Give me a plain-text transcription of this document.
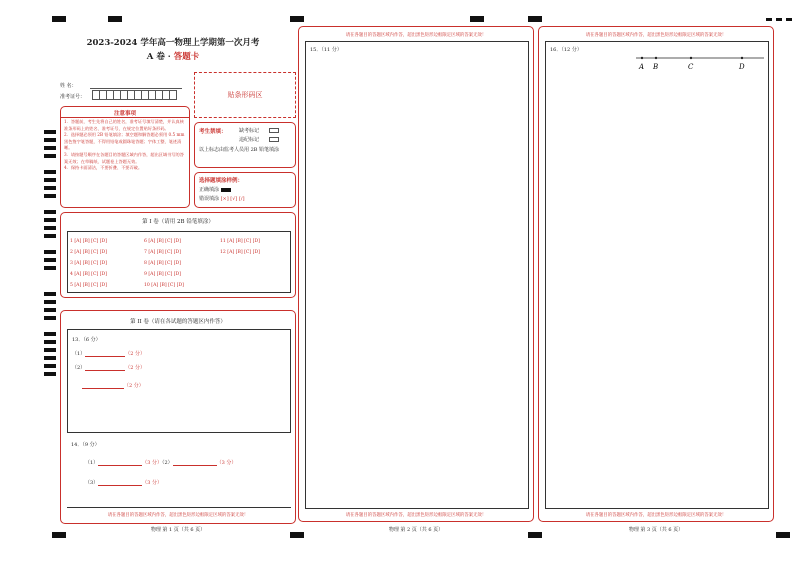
2023-2024 学年高一物理上学期第一次月考
A 卷 · 答题卡
姓 名：
准考证号：	贴条形码区
注意事项
1．答题前，考生先将自己的姓名，准考证号填写清楚，并认真核准条形码上的姓名、准考证号，在规定位置贴好条形码。
2．选择题必须用 2B 铅笔填涂；填空题和解答题必须用 0.5 mm 黑色签字笔答题，不得用铅笔或圆珠笔答题；字体工整、笔迹清晰。
3．请按题号顺序在各题目的答题区域内作答，超出区域书写的答案无效；在草稿纸、试题卷上答题无效。
4．保持卡面清洁，不要折叠、不要弄破。
考生禁填： 缺考标记
违纪标记
以上标志由监考人员用 2B 铅笔填涂
选择题填涂样例：
正确填涂
错误填涂 [×] [√] [/]
第 I 卷（请用 2B 铅笔填涂）
1 [A] [B] [C] [D]
2 [A] [B] [C] [D]
3 [A] [B] [C] [D]
4 [A] [B] [C] [D]
5 [A] [B] [C] [D]
6 [A] [B] [C] [D]
7 [A] [B] [C] [D]
8 [A] [B] [C] [D]
9 [A] [B] [C] [D]
10 [A] [B] [C] [D]
11 [A] [B] [C] [D]
12 [A] [B] [C] [D]
第 II 卷（请在各试题的答题区内作答）
13．（6 分）
（1）	（2 分）
（2）	（2 分）
（2 分）
14．（9 分）
（1）	（3 分）（2）	（3 分）
（3）	（3 分）
请在各题目的答题区域内作答，超出黑色矩形边框限定区域的答案无效！
物理 第 1 页（共 6 页）
请在各题目的答题区域内作答，超出黑色矩形边框限定区域的答案无效！
15．（11 分）
请在各题目的答题区域内作答，超出黑色矩形边框限定区域的答案无效！
物理 第 2 页（共 6 页）
请在各题目的答题区域内作答，超出黑色矩形边框限定区域的答案无效！
16．（12 分）
A B	C	D
请在各题目的答题区域内作答，超出黑色矩形边框限定区域的答案无效！
物理 第 3 页（共 6 页）
